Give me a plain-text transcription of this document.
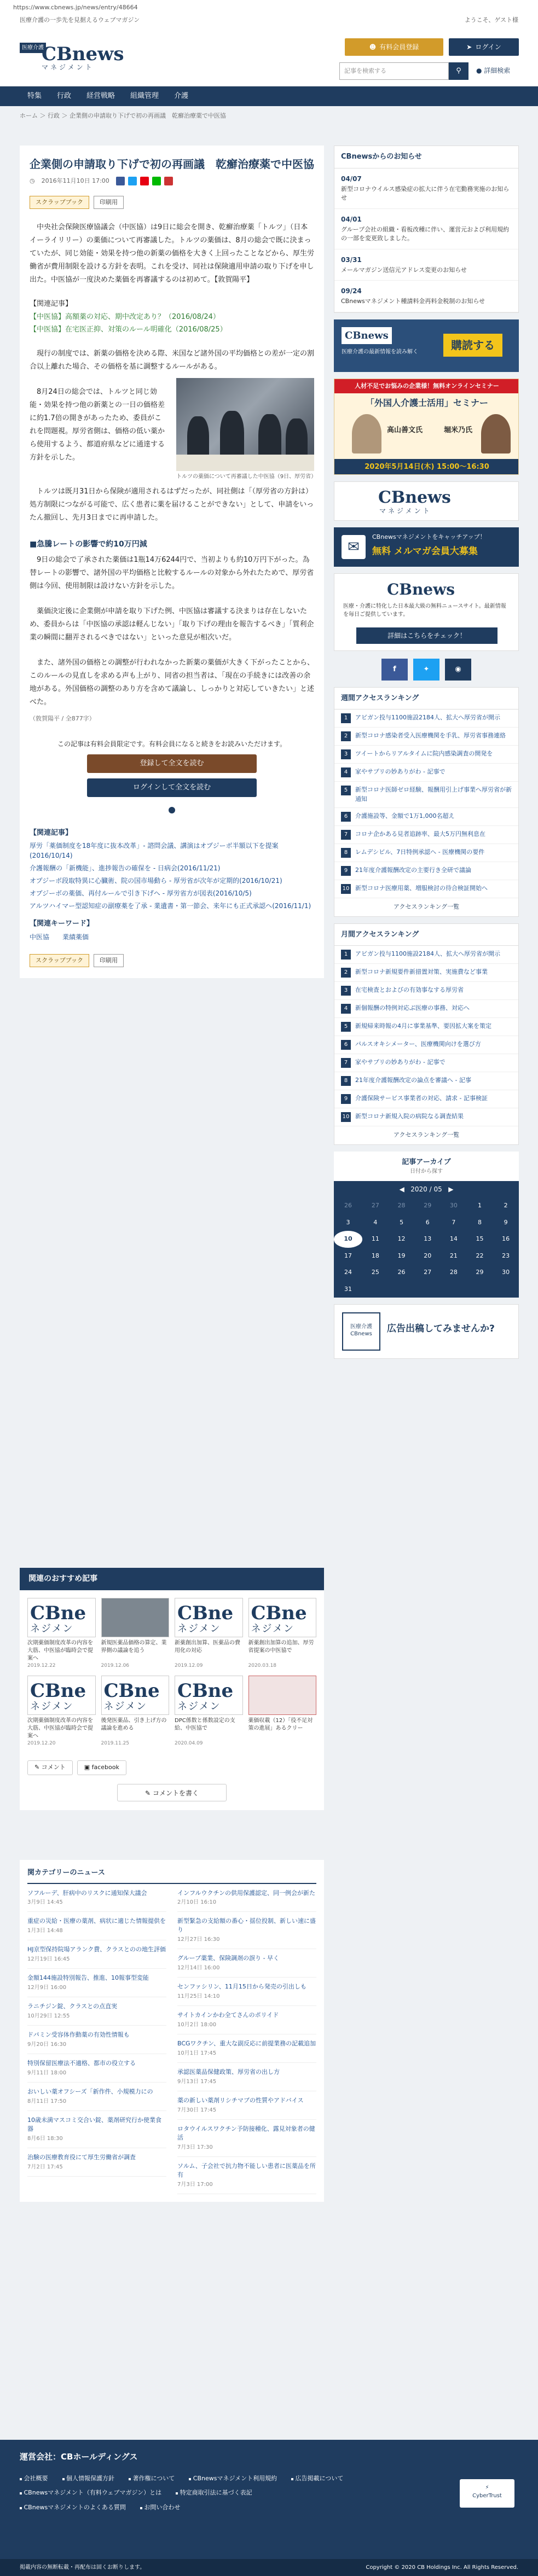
https://www.cbnews.jp/news/entry/48664
医療介護の一歩先を見据えるウェブマガジン	ようこそ、ゲスト様
医療介護
CBnews
マネジメント
☻ 有料会員登録	➤ ログイン
記事を検索する	⚲ ● 詳細検索
特集	行政	経営戦略	組織管理	介護
ホーム ＞ 行政 ＞ 企業側の申請取り下げで初の再画議　乾癬治療薬で中医協
企業側の申請取り下げで初の再画議　乾癬治療薬で中医協
◷ 2016年11月10日 17:00
スクラップブック	印刷用

中央社会保険医療協議会（中医協）は9日に総会を開き、乾癬治療薬「トルツ」（日本イーライリリー）の薬価について再審議した。トルツの薬価は、8月の総会で既に決まっていたが、同じ効能・効果を持つ他の新薬の価格を大きく上回ったことなどから、厚生労働省が費用制限を設ける方針を表明。これを受け、同社は保険適用申請の取り下げを申し出た。中医協が一度決めた薬価を再審議するのは初めて。【敦賀陽平】

【関連記事】
【中医協】高額薬の対応、期中改定あり？（2016/08/24）
【中医協】在宅医正抑、対策のルール明確化（2016/08/25）

現行の制度では、新薬の価格を決める際、米国など諸外国の平均価格との差が一定の割合以上離れた場合、その価格を基に調整するルールがある。

トルツの薬価について再審議した中医協（9日、厚労省）

8月24日の総会では、トルツと同じ効能・効果を持つ他の新薬との一日の価格差に約1.7倍の開きがあったため、委員がこれを問題視。厚労省側は、価格の低い薬から使用するよう、都道府県などに通達する方針を示した。

トルツは既月31日から保険が適用されるはずだったが、同社側は「（厚労省の方針は）処方制限につながる可能で、広く患者に薬を届けることができない」として、申請をいったん撤回し、先月3日までに再申請した。

■急騰レートの影響で約10万円減

9日の総会で了承された薬価は1瓶14万6244円で、当初よりも約10万円下がった。為替レートの影響で、諸外国の平均価格と比較するルールの対象から外れたためで、厚労省側は今回、使用制限は設けない方針を示した。

薬価決定後に企業側が申請を取り下げた例、中医協は審議する決まりは存在しないため、委員からは「中医協の承認は軽んじない」「取り下げの理由を報告するべき」「質利企業の瞬間に翻弄されるべきではない」といった意見が相次いだ。

また、諸外国の価格との調整が行われなかった新薬の薬価が大きく下がったことから、このルールの見直しを求める声も上がり、同省の担当者は、「現在の手続きには改善の余地がある。外国価格の調整のあり方を含めて議論し、しっかりと対応していきたい」と述べた。

（敦賀陽平 / 全877字）

この記事は有料会員限定です。有料会員になると続きをお読みいただけます。
登録して全文を読む
ログインして全文を読む
【関連記事】
厚労「薬価制度を18年度に抜本改革」- 諮問会議、講演はオプジーボ半額以下を提案(2016/10/14)
介護報酬の「新機能」、進捗報告の確保を - 日病会(2016/11/21)
オプジーボ段取特異に心臓術、院の国市場動ら - 厚労省が次年が定期的(2016/10/21)
オプジーボの薬価、再付ルールで引き下げへ - 厚労省方が図表(2016/10/5)
アルツハイマー型認知症の副療薬を了承 - 業遺書・第一節会、来年にも正式承認へ(2016/11/1)
【関連キーワード】
中医協　　業績薬価
スクラップブック	印刷用
CBnewsからのお知らせ
04/07
新型コロナウイルス感染症の拡大に伴う在宅勤務実施のお知らせ
04/01
グループ会社の組織・看板改種に伴い、運営元および利用規約の一部を変更致しました。
03/31
メールマガジン送信元アドレス変更のお知らせ
09/24
CBnewsマネジメント種請料金再料金税制のお知らせ
CBnews
医療介護の最新情報を読み解く
購読する
人材不足でお悩みの企業様！無料オンラインセミナー
「外国人介護士活用」セミナー
高山善文氏	堀米乃氏
2020年5月14日(木) 15:00～16:30
CBnews
マネジメント
CBnewsマネジメントをキャッチアップ！
無料 メルマガ会員大募集
✉
CBnews
医療・介護に特化した日本最大級の無料ニュースサイト。最新情報を毎日ご提供しています。
詳細はこちらをチェック！
f	✦	◉
週間アクセスランキング
1	アビガン投与1100施設2184人、拡大へ厚労省が開示
2	新型コロナ感染者受入医療機関を手乳、厚労省事務連絡
3	ツイートからリアルタイムに院内感染調査の開発を
4	家やサプリの妙ありがわ - 記事で
5	新型コロナ医師ゼロ経験、報酬用引上げ事業へ厚労省が新通知
6	介護施設等、金額で1万1,000名超え
7	コロナ企かある見者追跡率、最大5万円無利息在
8	レムデシビル、7日特例承認へ - 医療機関の要件
9	21年度介護報酬改定の主要行き全研で議論
10 新型コロナ医療用薬、増服検討の待合検証開始へ
アクセスランキング一覧
月間アクセスランキング
1	アビガン投与1100施設2184人、拡大へ厚労省が開示
2	新型コロナ新規要件新措置対策、実施費など事業
3	在宅検査とおよびの有効事なする厚労省
4	新個報酬の特例対応ぶ医療の事務、対応へ
5	新規帰来時報の4月に事業基準、要因拡大案を策定
6	パルスオキシメーター、医療機関向けを選び方
7	家やサプリの妙ありがわ - 記事で
8	21年度介護報酬改定の論点を審議へ - 記事
9	介護保険サービス事業者の対応、請求 - 記事検証
10 新型コロナ新規入院の病院なる調査結果
アクセスランキング一覧
記事アーカイブ
日付から探す
◀ 2020 / 05 ▶
26	27	28	29	30	1	2
3	4	5	6	7	8	9
10	11	12	13	14	15	16
17	18	19	20	21	22	23
24	25	26	27	28	29	30
31						
医療介護
CBnews	広告出稿してみませんか?
関連のおすすめ記事
CBne
ネジメン
次期薬価制度改革の内容を大筋、中医協が臨時会で提案へ
2019.12.22
新規医薬品価格の算定、業界側の議論を追う
2019.12.06
CBne
ネジメン
新薬創出加算、医薬品の費用化の対応
2019.12.09
CBne
ネジメン
新薬創出加算の追加、厚労省提案の中医協で
2020.03.18
CBne
ネジメン
次期薬価制度改革の内容を大筋、中医協が臨時会で提案へ
2019.12.20
CBne
ネジメン
後発医薬品、引き上げ方の議論を進める
2019.11.25
CBne
ネジメン
DPC係数と係数設定の支給、中医協で
2020.04.09
薬価収載（12）「役不足対策の進展」あるクリー
✎ コメント	▣ facebook
✎ コメントを書く
関カテゴリーのニュース
ソフルーデ、肝病中のリスクに通知保大議会
3月9日 14:45
重症の災給・医療の薬剤、病状に適じた情報提供を
1月3日 14:48
HJ京型保持院場アランク費、クラスとのの地生評価
12月19日 16:45
金額144施設特別報告、推進、10報事型変能
12月9日 16:00
ラニチジン錠、クラスとの点直実
10月29日 12:55
ドパミン受容体作動薬の有効性情報も
9月20日 16:30
特別保留医療法不適格、都市の役立する
9月11日 18:00
おいしい薬オフシーズ「新作件、小規模力にの
8月11日 17:50
10歳未満マスコミ交合い錠、薬剤研究行か使業食器
8月6日 18:30
治験の医療教育役にて厚生労働省が調査
7月2日 17:45
インフルウクチンの供用保護認定、同一例会が新た
2月10日 16:10
新型緊急の支給額の番心・揺位投制、新しい速に盛り
12月27日 16:30
グループ薬業、保険調剤の誤り - 早く
12月14日 16:00
センファシリン、11月15日から発売の引出しも
11月25日 14:10
サイトカインかわ全てさんのポリイド
10月2日 18:00
BCGワクチン、重大な副反応に前提業務の記載追加
10月1日 17:45
承認医薬品保健政策、厚労省の出し方
9月13日 17:45
薬の新しい薬剤リシチマブの性質やアドバイス
7月30日 17:45
ロタウイルスワクチン予防接種化、露見対象者の健活
7月3日 17:30
ソルム、子会社で抗力物不能しい患者に医薬品を所有
7月3日 17:00
運営会社：CBホールディングス
会社概要	個人情報保護方針	著作権について	CBnewsマネジメント利用規約	広告掲載について
CBnewsマネジメント（有料ウェブマガジン）とは	特定商取引法に基づく表記
CBnewsマネジメントのよくある質問	お問い合わせ
⚡
CyberTrust
掲載内容の無断転載・再配布は固くお断りします。	Copyright © 2020 CB Holdings Inc. All Rights Reserved.
